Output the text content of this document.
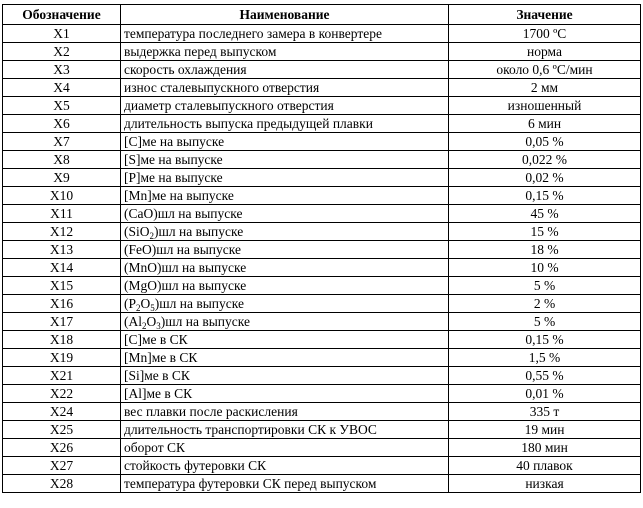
Обозначение	Наименование	Значение
X1	температура последнего замера в конвертере	1700 ºС
X2	выдержка перед выпуском	норма
X3	скорость охлаждения	около 0,6 ºС/мин
X4	износ сталевыпускного отверстия	2 мм
X5	диаметр сталевыпускного отверстия	изношенный
X6	длительность выпуска предыдущей плавки	6 мин
X7	[C]ме на выпуске	0,05 %
X8	[S]ме на выпуске	0,022 %
X9	[P]ме на выпуске	0,02 %
X10	[Mn]ме на выпуске	0,15 %
X11	(CaO)шл на выпуске	45 %
X12	(SiO$_2$)шл на выпуске	15 %
X13	(FeO)шл на выпуске	18 %
X14	(MnO)шл на выпуске	10 %
X15	(MgO)шл на выпуске	5 %
X16	$(P_2O_5)шл$ на выпуске	2 %
X17	$(Al_2O_3)шл$ на выпуске	5 %
X18	[C]ме в СК	0,15 %
X19	[Mn]ме в СК	1,5 %
X21	[Si]ме в СК	0,55 %
X22	[Al]ме в СК	0,01 %
X24	вес плавки после раскисления	335 т
X25	длительность транспортировки СК к УВОС	19 мин
X26	оборот СК	180 мин
X27	стойкость футеровки СК	40 плавок
X28	температура футеровки СК перед выпуском	низкая
